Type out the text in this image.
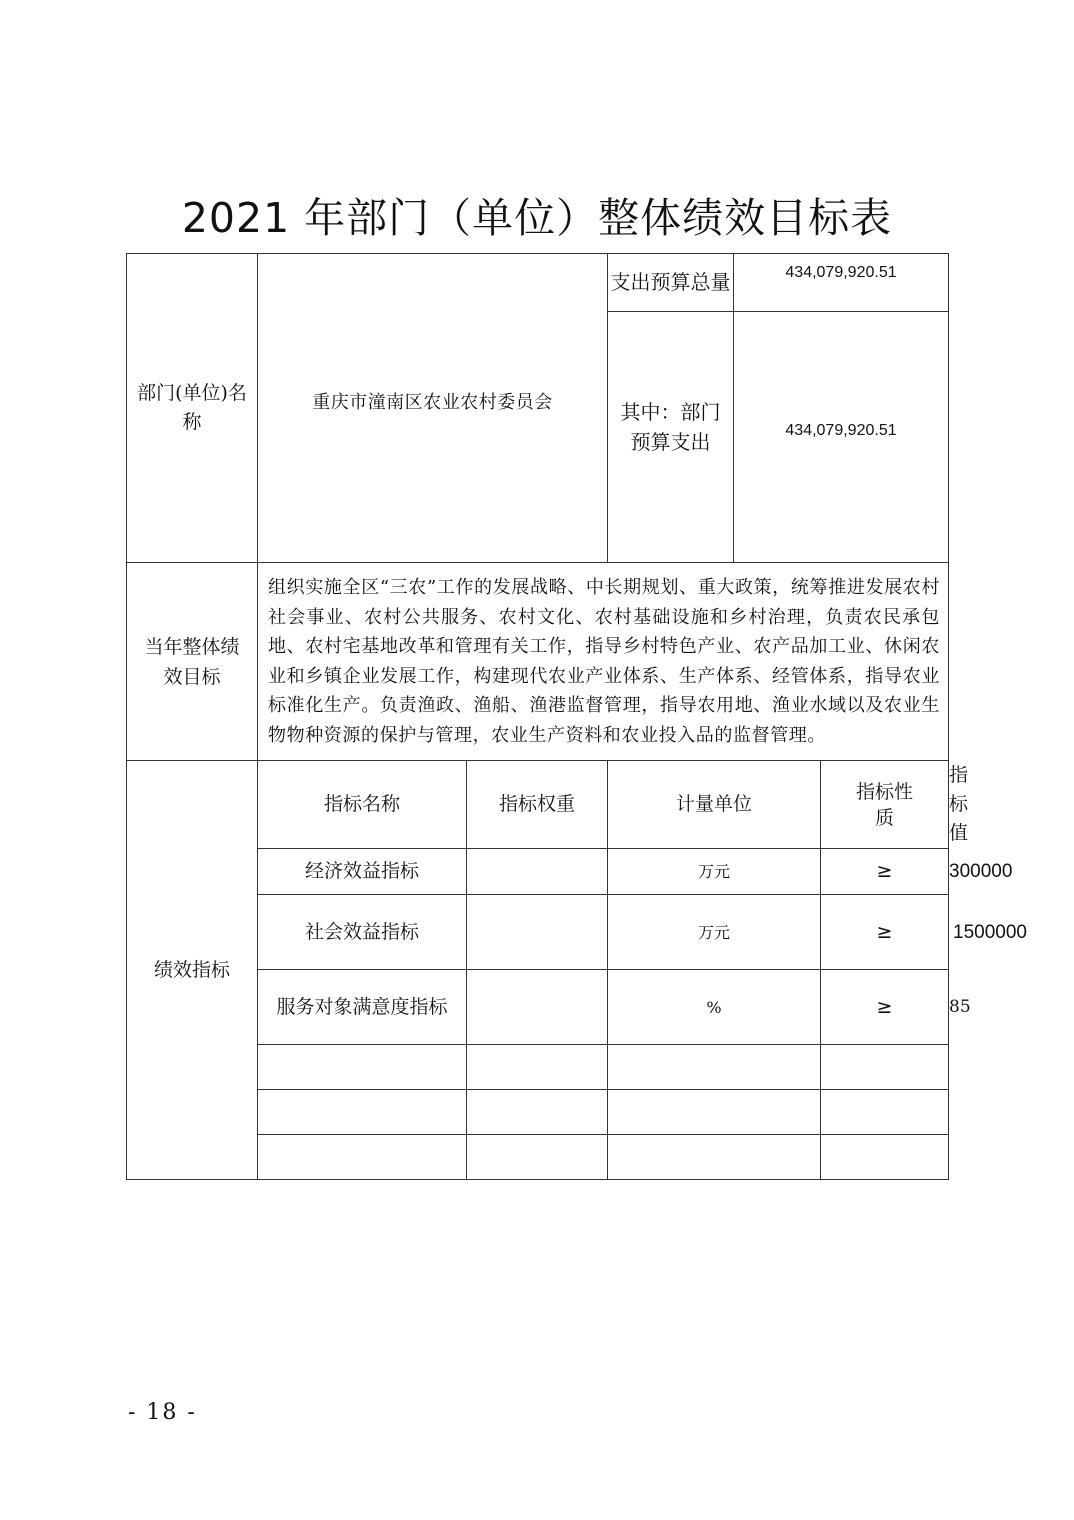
2021 年部门（单位）整体绩效目标表
部门(单位)名称	重庆市潼南区农业农村委员会		支出预算总量	434,079,920.51		

			其中：部门预算支出	434,079,920.51		

当年整体绩效目标	组织实施全区“三农”工作的发展战略、中长期规划、重大政策，统筹推进发展农村社会事业、农村公共服务、农村文化、农村基础设施和乡村治理，负责农民承包地、农村宅基地改革和管理有关工作，指导乡村特色产业、农产品加工业、休闲农业和乡镇企业发展工作，构建现代农业产业体系、生产体系、经管体系，指导农业标准化生产。负责渔政、渔船、渔港监督管理，指导农用地、渔业水域以及农业生物物种资源的保护与管理，农业生产资料和农业投入品的监督管理。					

绩效指标	指标名称	指标权重	计量单位		指标性质	指标值
	经济效益指标		万元		≥	300000
	社会效益指标		万元		≥	1500000

	服务对象满意度指标		%		≥	85

- 18 -
